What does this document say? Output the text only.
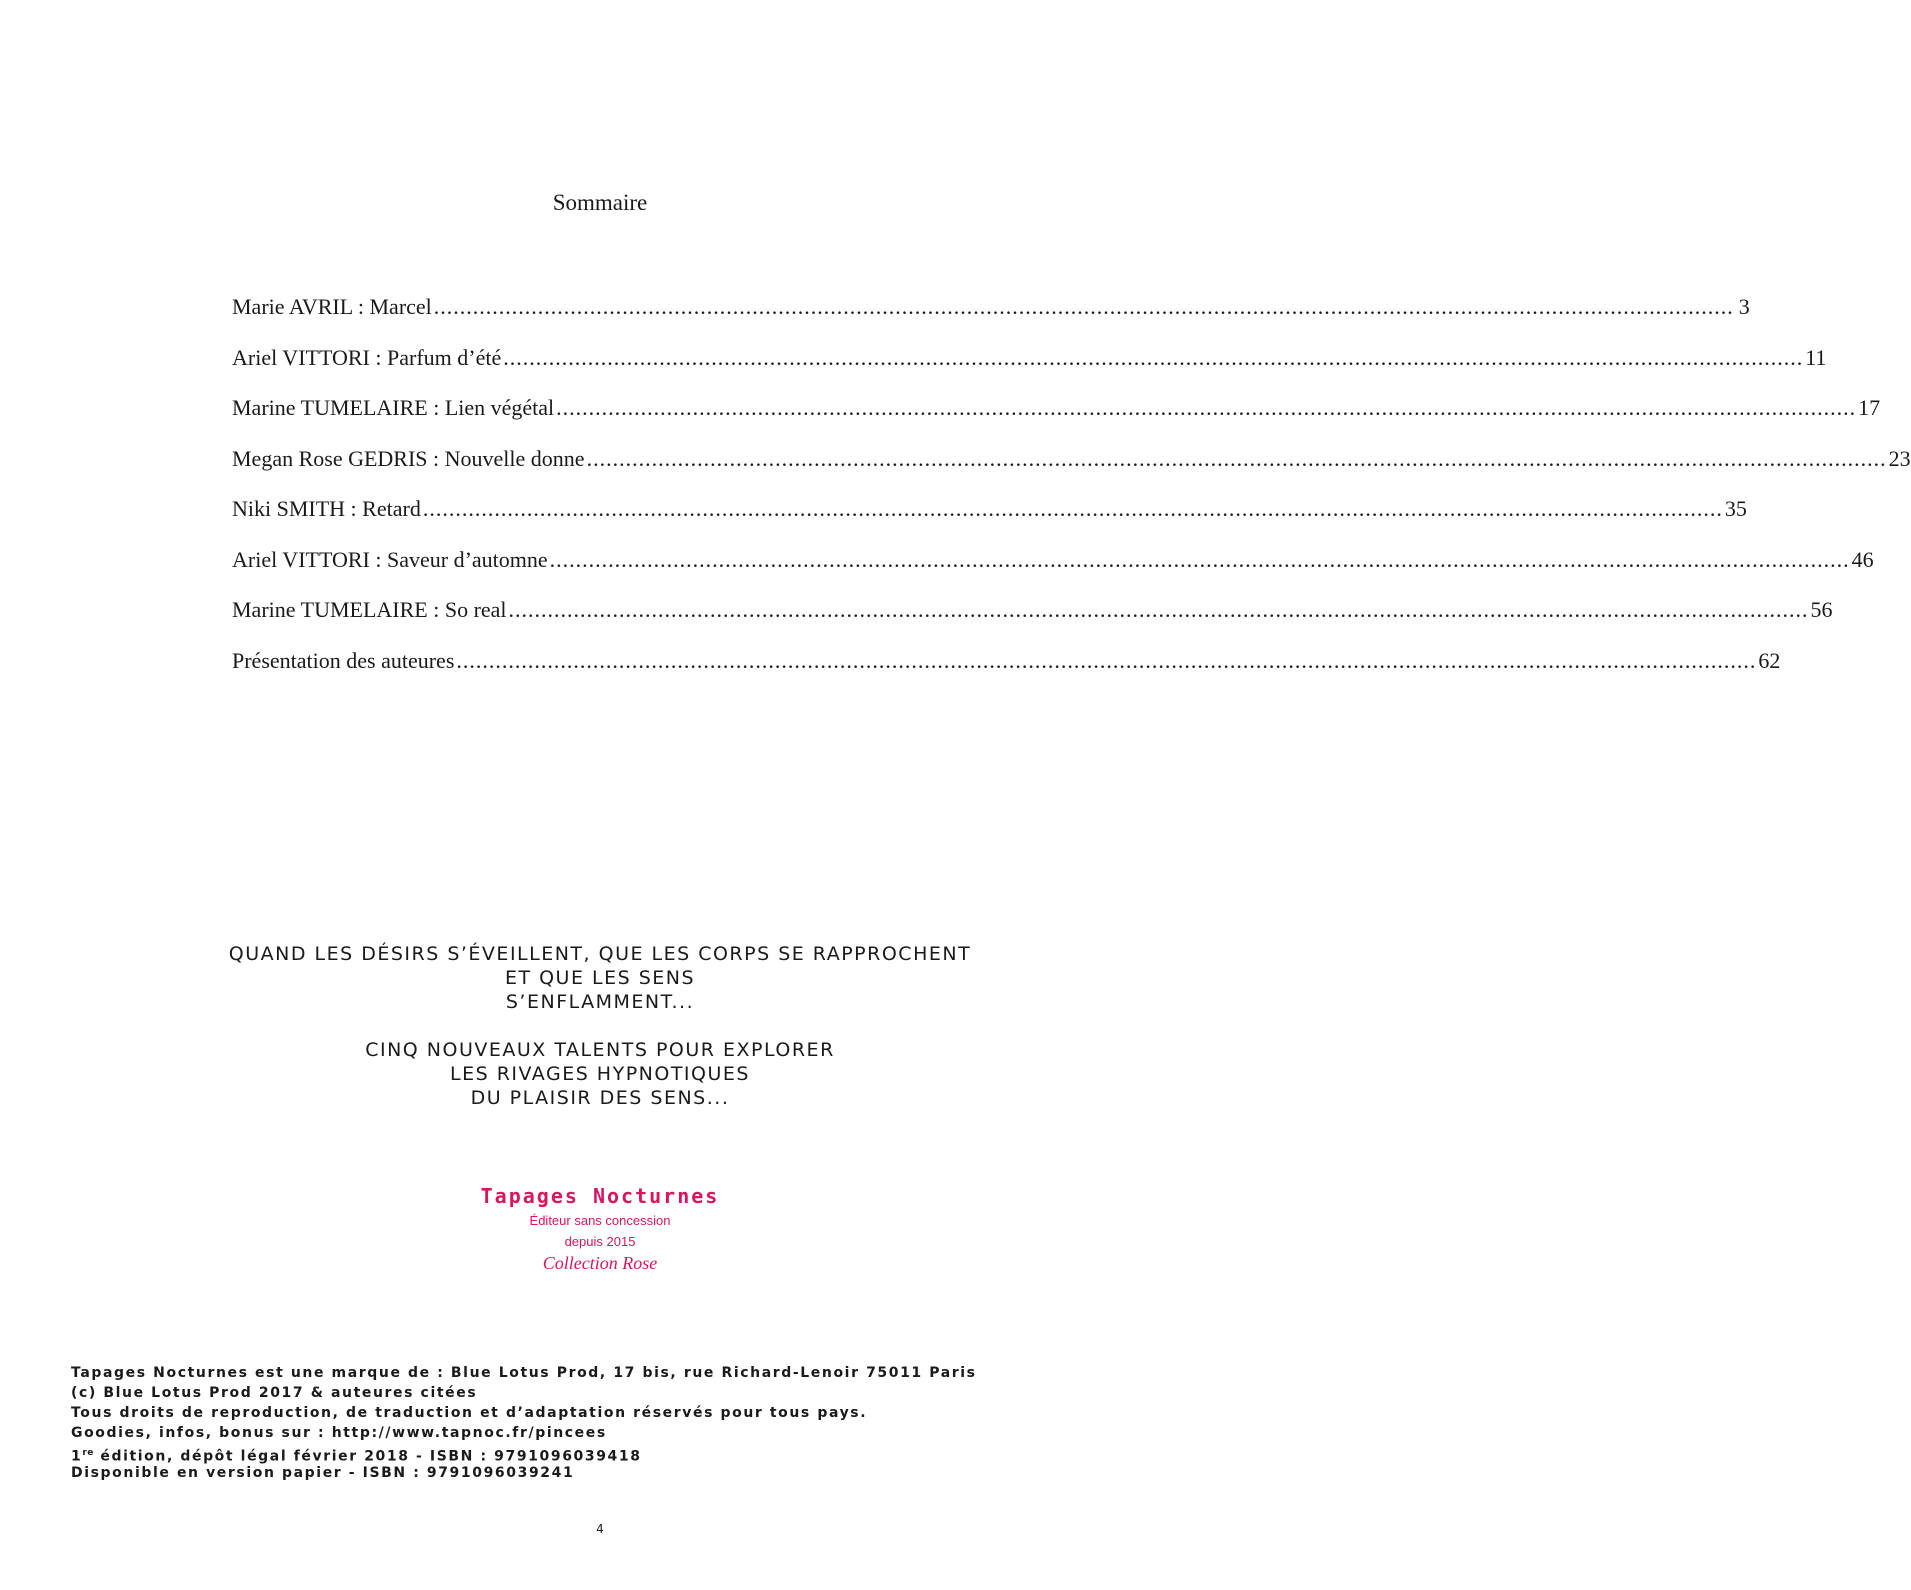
Sommaire
Marie AVRIL : Marcel ........................................................................................................................................................................................................ 3
Ariel VITTORI : Parfum d’été ........................................................................................................................................................................................................ 11
Marine TUMELAIRE : Lien végétal ........................................................................................................................................................................................................ 17
Megan Rose GEDRIS : Nouvelle donne ........................................................................................................................................................................................................ 23
Niki SMITH : Retard ........................................................................................................................................................................................................ 35
Ariel VITTORI : Saveur d’automne ........................................................................................................................................................................................................ 46
Marine TUMELAIRE : So real ........................................................................................................................................................................................................ 56
Présentation des auteures ........................................................................................................................................................................................................ 62
QUAND LES DÉSIRS S’ÉVEILLENT, QUE LES CORPS SE RAPPROCHENT
ET QUE LES SENS
S’ENFLAMMENT...
CINQ NOUVEAUX TALENTS POUR EXPLORER
LES RIVAGES HYPNOTIQUES
DU PLAISIR DES SENS...
Tapages Nocturnes
Éditeur sans concession
depuis 2015
Collection Rose
Tapages Nocturnes est une marque de : Blue Lotus Prod, 17 bis, rue Richard-Lenoir 75011 Paris
(c) Blue Lotus Prod 2017 & auteures citées
Tous droits de reproduction, de traduction et d’adaptation réservés pour tous pays.
Goodies, infos, bonus sur : http://www.tapnoc.fr/pincees
1re édition, dépôt légal février 2018 - ISBN : 9791096039418
Disponible en version papier - ISBN : 9791096039241
4
